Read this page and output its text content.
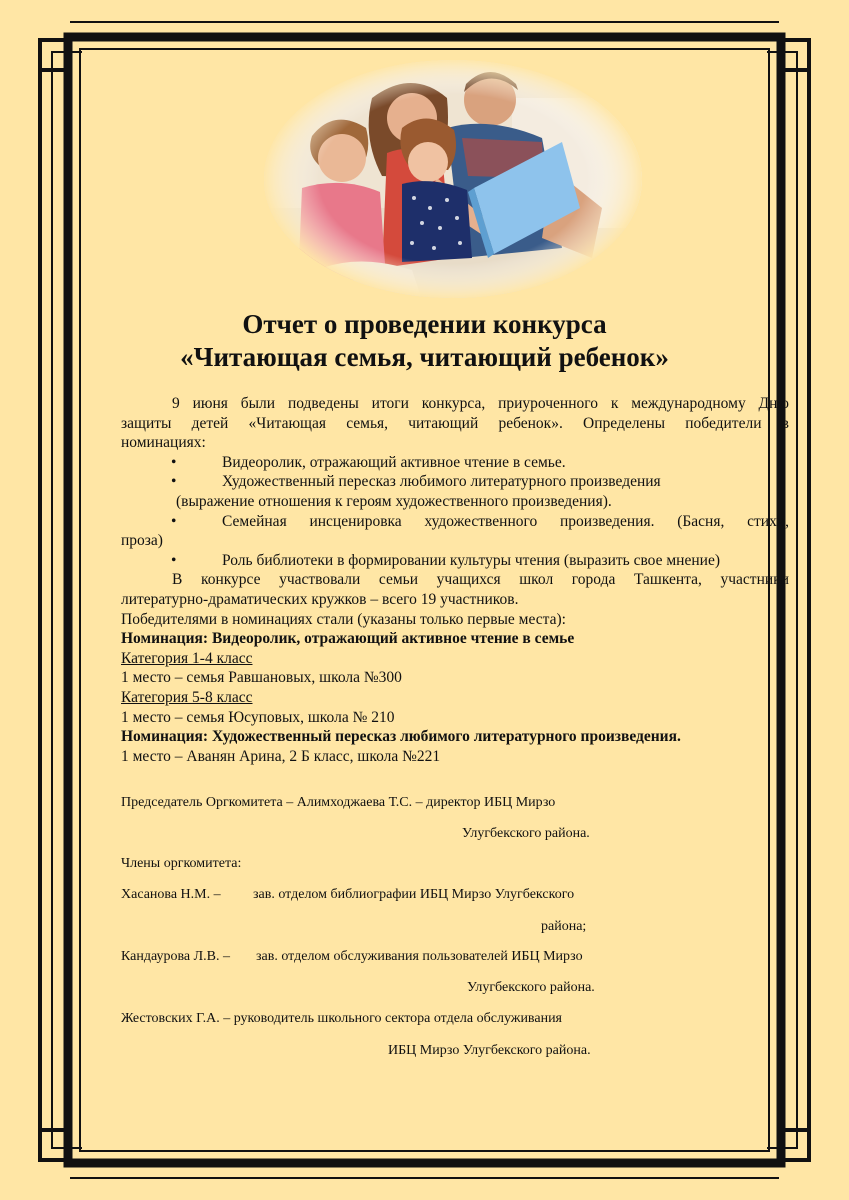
Отчет о проведении конкурса
«Читающая семья, читающий ребенок»

9 июня были подведены итоги конкурса, приуроченного к международному Дню

защиты детей «Читающая семья, читающий ребенок». Определены победители в

номинациях:

•	Видеоролик, отражающий активное чтение в семье.

•	Художественный пересказ любимого литературного произведения

(выражение отношения к героям художественного произведения).

•	Семейная инсценировка художественного произведения. (Басня, стихи,

проза)

•	Роль библиотеки в формировании культуры чтения (выразить свое мнение)

В конкурсе участвовали семьи учащихся школ города Ташкента, участники

литературно-драматических кружков – всего 19 участников.

Победителями в номинациях стали (указаны только первые места):

Номинация: Видеоролик, отражающий активное чтение в семье

Категория 1-4 класс

1 место – семья Равшановых, школа №300

Категория 5-8 класс

1 место – семья Юсуповых, школа № 210

Номинация: Художественный пересказ любимого литературного произведения.

1 место – Аванян Арина, 2 Б класс, школа №221

Председатель Оргкомитета – Алимходжаева Т.С. – директор ИБЦ Мирзо
Улугбекского района.
Члены оргкомитета:
Хасанова Н.М. – зав. отделом библиографии ИБЦ Мирзо Улугбекского
района;
Кандаурова Л.В. – зав. отделом обслуживания пользователей ИБЦ Мирзо
Улугбекского района.
Жестовских Г.А. – руководитель школьного сектора отдела обслуживания
ИБЦ Мирзо Улугбекского района.
